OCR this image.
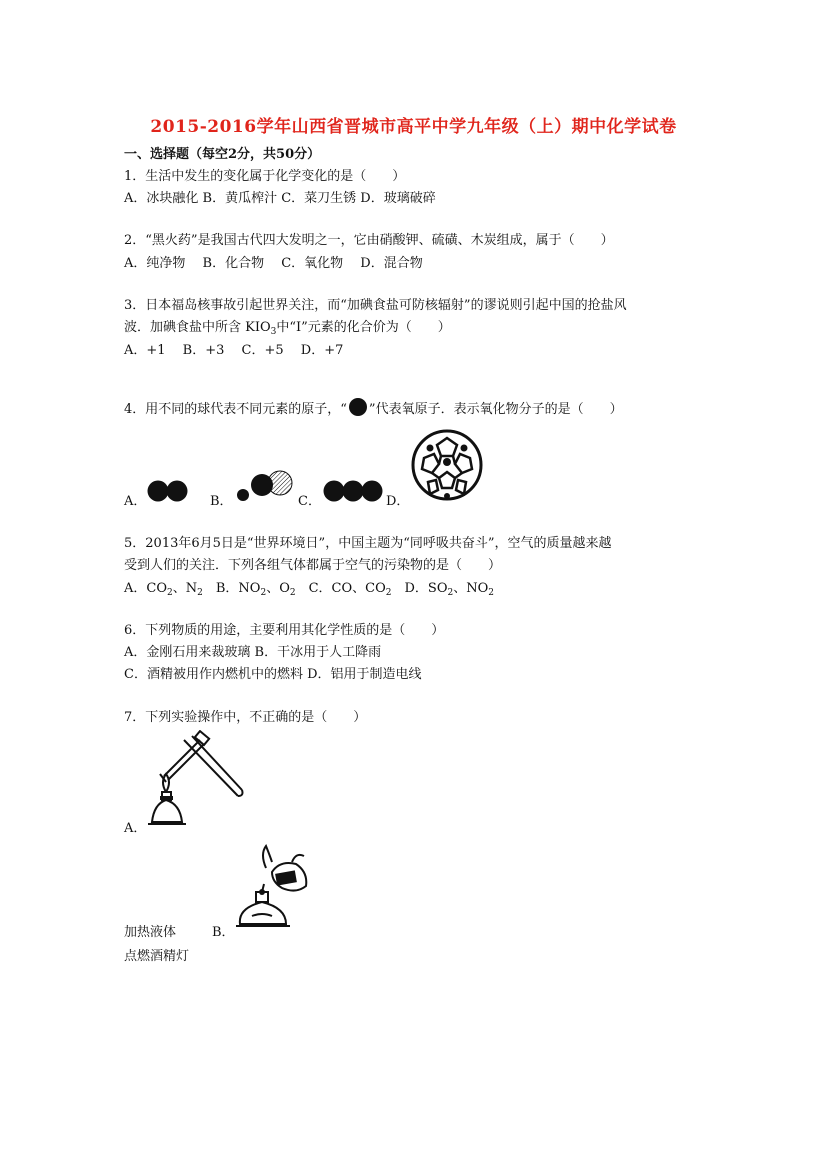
2015-2016学年山西省晋城市高平中学九年级（上）期中化学试卷
一、选择题（每空2分，共50分）
1．生活中发生的变化属于化学变化的是（　　）
A．冰块融化 B．黄瓜榨汁 C．菜刀生锈 D．玻璃破碎
2．“黑火药”是我国古代四大发明之一，它由硝酸钾、硫磺、木炭组成，属于（　　）
A．纯净物　 B．化合物　 C．氧化物　 D．混合物
3．日本福岛核事故引起世界关注，而“加碘食盐可防核辐射”的谬说则引起中国的抢盐风
波．加碘食盐中所含 $KIO_3$中“I”元素的化合价为（　　）
A．+1　 B．+3　 C．+5　 D．+7
4．用不同的球代表不同元素的原子，“ ”代表氧原子．表示氧化物分子的是（　　）
A．	B．	C．	D．
5．2013年6月5日是“世界环境日”，中国主题为“同呼吸共奋斗”，空气的质量越来越
受到人们的关注．下列各组气体都属于空气的污染物的是（　　）
A．$CO_2$、$N_2$　B．$NO_2$、$O_2$　C．CO、$CO_2$　D．$SO_2$、$NO_2$
6．下列物质的用途，主要利用其化学性质的是（　　）
A．金刚石用来裁玻璃 B．干冰用于人工降雨
C．酒精被用作内燃机中的燃料 D．铝用于制造电线
7．下列实验操作中，不正确的是（　　）
A．
加热液体	B．
点燃酒精灯
